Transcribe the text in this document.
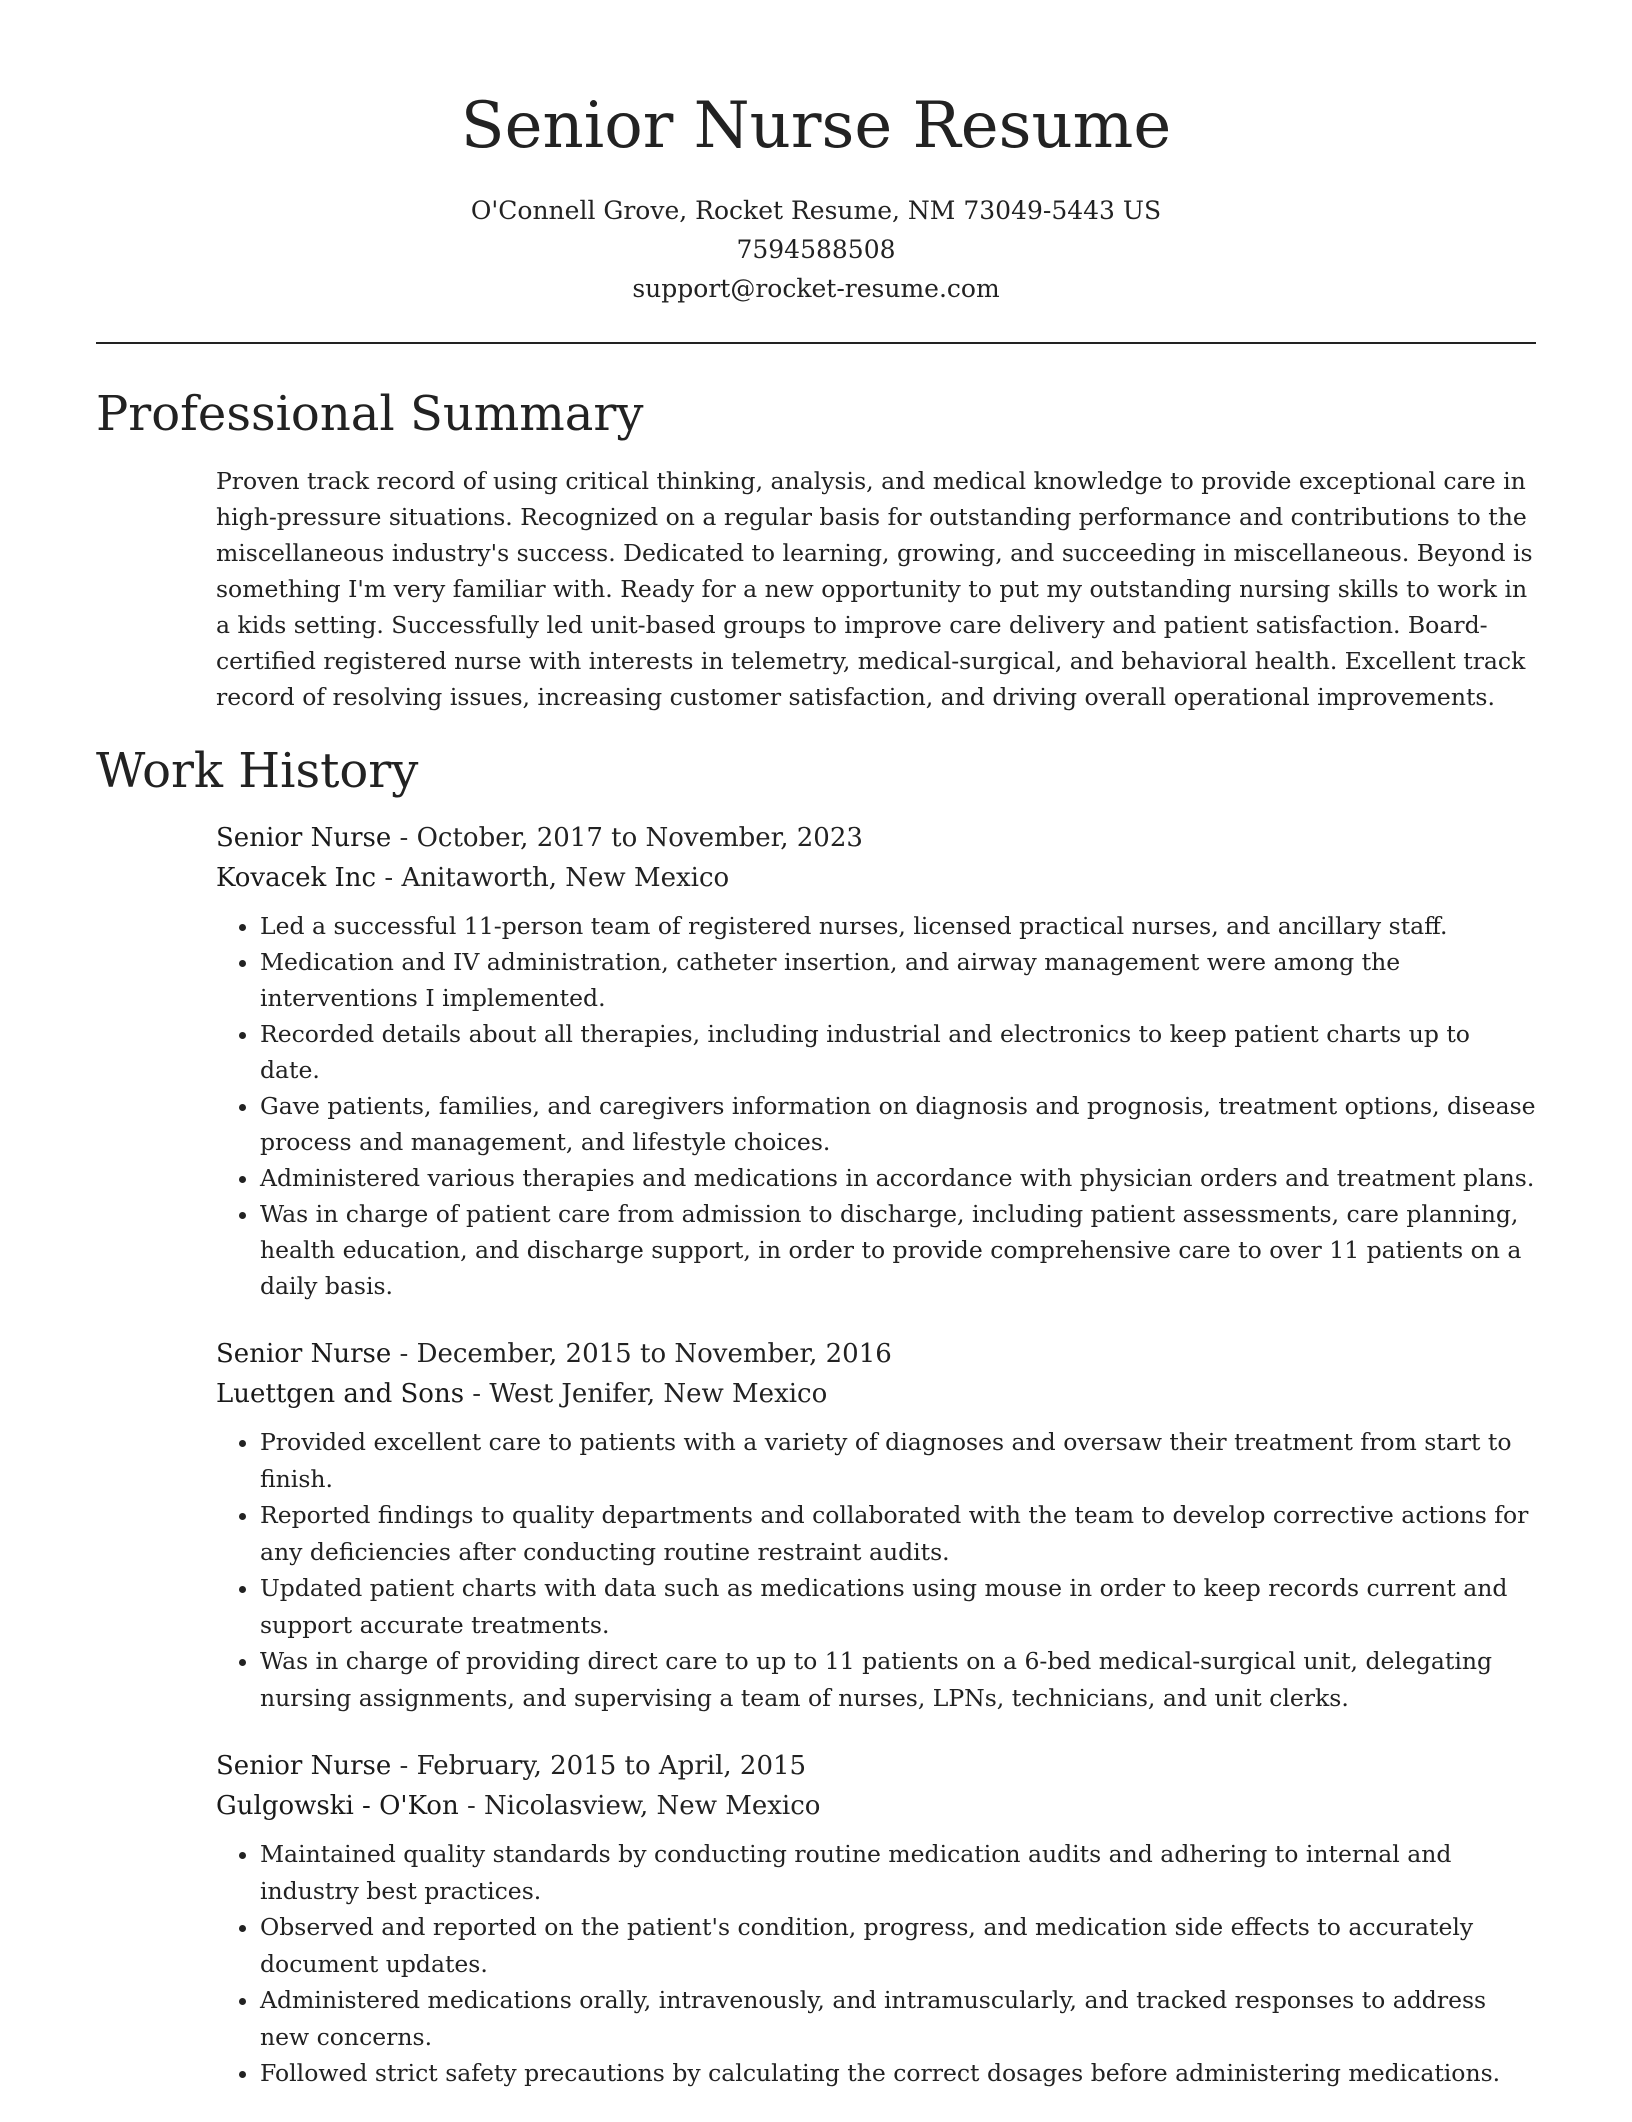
Senior Nurse Resume

O'Connell Grove, Rocket Resume, NM 73049-5443 US

7594588508

support@rocket-resume.com

Professional Summary

Proven track record of using critical thinking, analysis, and medical knowledge to provide exceptional care in high-pressure situations. Recognized on a regular basis for outstanding performance and contributions to the miscellaneous industry's success. Dedicated to learning, growing, and succeeding in miscellaneous. Beyond is something I'm very familiar with. Ready for a new opportunity to put my outstanding nursing skills to work in a kids setting. Successfully led unit-based groups to improve care delivery and patient satisfaction. Board-certified registered nurse with interests in telemetry, medical-surgical, and behavioral health. Excellent track record of resolving issues, increasing customer satisfaction, and driving overall operational improvements.

Work History

Senior Nurse - October, 2017 to November, 2023

Kovacek Inc - Anitaworth, New Mexico

• Led a successful 11-person team of registered nurses, licensed practical nurses, and ancillary staff.
• Medication and IV administration, catheter insertion, and airway management were among the interventions I implemented.
• Recorded details about all therapies, including industrial and electronics to keep patient charts up to date.
• Gave patients, families, and caregivers information on diagnosis and prognosis, treatment options, disease process and management, and lifestyle choices.
• Administered various therapies and medications in accordance with physician orders and treatment plans.
• Was in charge of patient care from admission to discharge, including patient assessments, care planning, health education, and discharge support, in order to provide comprehensive care to over 11 patients on a daily basis.

Senior Nurse - December, 2015 to November, 2016

Luettgen and Sons - West Jenifer, New Mexico

• Provided excellent care to patients with a variety of diagnoses and oversaw their treatment from start to finish.
• Reported findings to quality departments and collaborated with the team to develop corrective actions for any deficiencies after conducting routine restraint audits.
• Updated patient charts with data such as medications using mouse in order to keep records current and support accurate treatments.
• Was in charge of providing direct care to up to 11 patients on a 6-bed medical-surgical unit, delegating nursing assignments, and supervising a team of nurses, LPNs, technicians, and unit clerks.

Senior Nurse - February, 2015 to April, 2015

Gulgowski - O'Kon - Nicolasview, New Mexico

• Maintained quality standards by conducting routine medication audits and adhering to internal and industry best practices.
• Observed and reported on the patient's condition, progress, and medication side effects to accurately document updates.
• Administered medications orally, intravenously, and intramuscularly, and tracked responses to address new concerns.
• Followed strict safety precautions by calculating the correct dosages before administering medications.
